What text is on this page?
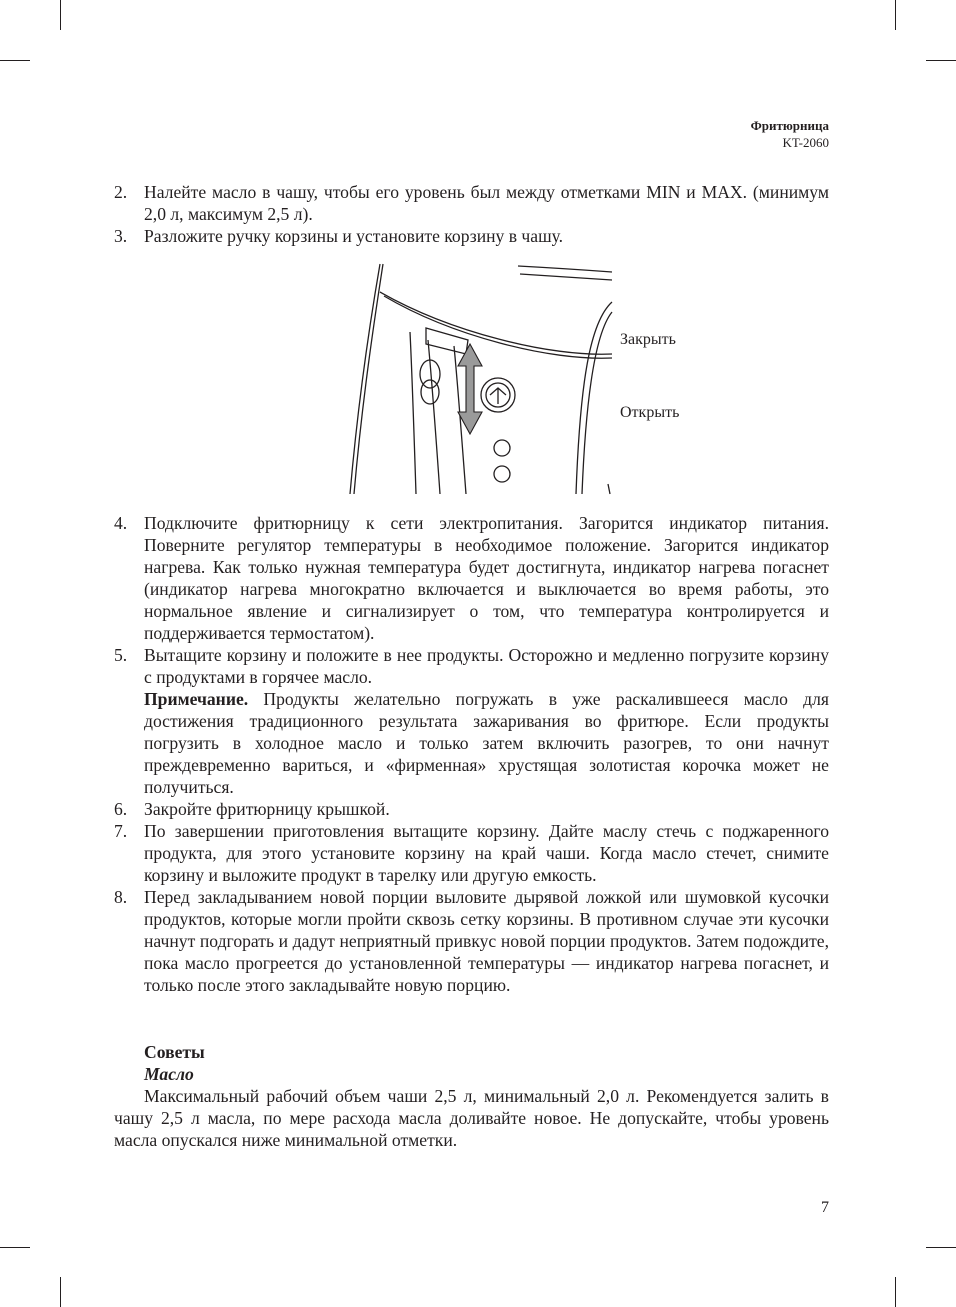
Фритюрница
KT-2060
2. Налейте масло в чашу, чтобы его уровень был между отметками MIN и MAX. (минимум 2,0 л, максимум 2,5 л).
3. Разложите ручку корзины и установите корзину в чашу.
Закрыть
Открыть
4. Подключите фритюрницу к сети электропитания. Загорится индикатор питания. Поверните регулятор температуры в необходимое положение. Загорится индикатор нагрева. Как только нужная температура будет достигнута, индикатор нагрева погаснет (индикатор нагрева многократно включается и выключается во время работы, это нормальное явление и сигнализирует о том, что температура контролируется и поддерживается термостатом).
5. Вытащите корзину и положите в нее продукты. Осторожно и медленно погрузите корзину с продуктами в горячее масло.

Примечание. Продукты желательно погружать в уже раскалившееся масло для достижения традиционного результата зажаривания во фритюре. Если продукты погрузить в холодное масло и только затем включить разогрев, то они начнут преждевременно вариться, и «фирменная» хрустящая золотистая корочка может не получиться.

6. Закройте фритюрницу крышкой.
7. По завершении приготовления вытащите корзину. Дайте маслу стечь с поджаренного продукта, для этого установите корзину на край чаши. Когда масло стечет, снимите корзину и выложите продукт в тарелку или другую емкость.
8. Перед закладыванием новой порции выловите дырявой ложкой или шумовкой кусочки продуктов, которые могли пройти сквозь сетку корзины. В противном случае эти кусочки начнут подгорать и дадут неприятный привкус новой порции продуктов. Затем подождите, пока масло прогреется до установленной температуры — индикатор нагрева погаснет, и только после этого закладывайте новую порцию.
Советы
Масло

Максимальный рабочий объем чаши 2,5 л, минимальный 2,0 л. Рекомендуется залить в чашу 2,5 л масла, по мере расхода масла доливайте новое. Не допускайте, чтобы уровень масла опускался ниже минимальной отметки.

7
